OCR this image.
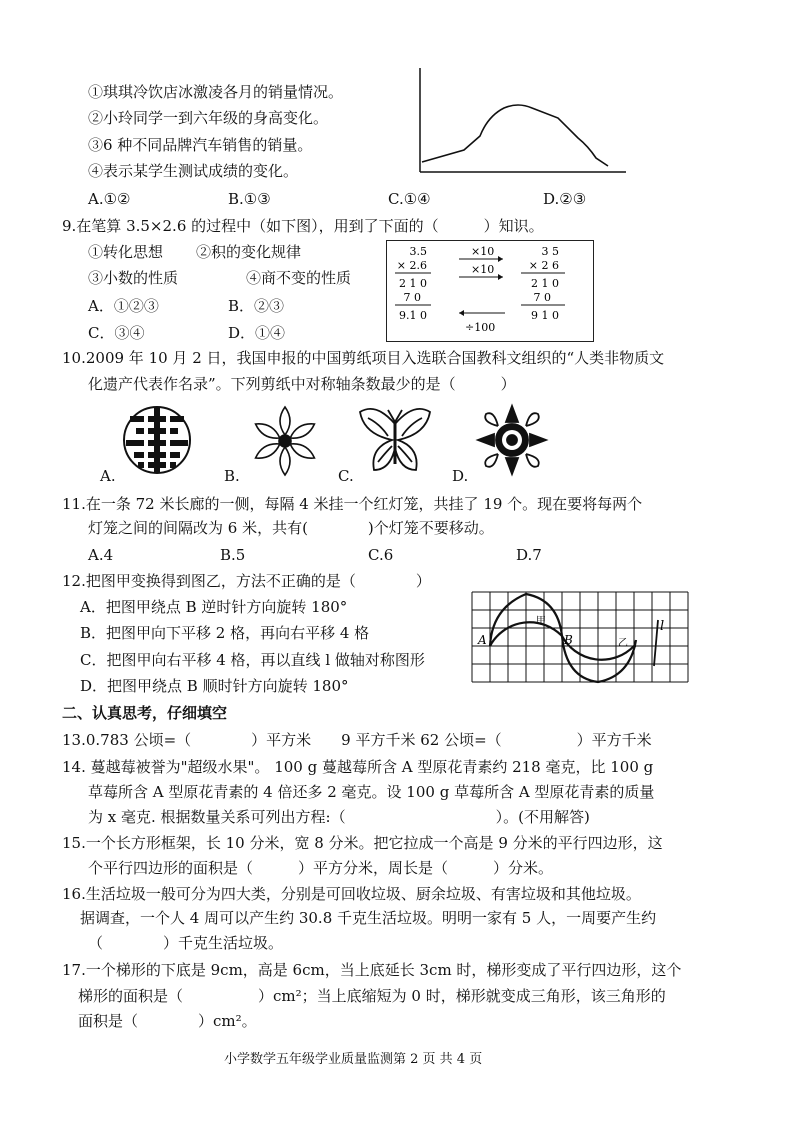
①琪琪冷饮店冰激凌各月的销量情况。
②小玲同学一到六年级的身高变化。
③6 种不同品牌汽车销售的销量。
④表示某学生测试成绩的变化。
A.①②	B.①③	C.①④	D.②③
9.在笔算 3.5×2.6 的过程中（如下图），用到了下面的（　　　）知识。
①转化思想 ②积的变化规律
③小数的性质	④商不变的性质
A．①②③	B．②③
C．③④	D．①④
3.5
× 2.6
2 1 0
7 0
9.1 0
×10
×10
÷100
3 5
× 2 6
2 1 0
7 0
9 1 0
10.2009 年 10 月 2 日，我国申报的中国剪纸项目入选联合国教科文组织的“人类非物质文
化遗产代表作名录”。下列剪纸中对称轴条数最少的是（　　　）
A.	B.	C.	D.
11.在一条 72 米长廊的一侧，每隔 4 米挂一个红灯笼，共挂了 19 个。现在要将每两个
灯笼之间的间隔改为 6 米，共有(　　　　)个灯笼不要移动。
A.4	B.5	C.6	D.7
12.把图甲变换得到图乙，方法不正确的是（　　　　）
A．把图甲绕点 B 逆时针方向旋转 180°
B．把图甲向下平移 2 格，再向右平移 4 格
C．把图甲向右平移 4 格，再以直线 l 做轴对称图形
D．把图甲绕点 B 顺时针方向旋转 180°
A
甲
B	乙
l
二、认真思考，仔细填空
13.0.783 公顷=（　　　　）平方米　　9 平方千米 62 公顷=（　　　　　）平方千米
14. 蔓越莓被誉为"超级水果"。 100 g 蔓越莓所含 A 型原花青素约 218 毫克，比 100 g
草莓所含 A 型原花青素的 4 倍还多 2 毫克。设 100 g 草莓所含 A 型原花青素的质量
为 x 毫克. 根据数量关系可列出方程:（　　　　　　　　　　）。(不用解答)
15.一个长方形框架，长 10 分米，宽 8 分米。把它拉成一个高是 9 分米的平行四边形，这
个平行四边形的面积是（　　　）平方分米，周长是（　　　）分米。
16.生活垃圾一般可分为四大类，分别是可回收垃圾、厨余垃圾、有害垃圾和其他垃圾。
据调查，一个人 4 周可以产生约 30.8 千克生活垃圾。明明一家有 5 人，一周要产生约
（　　　　）千克生活垃圾。
17.一个梯形的下底是 9cm，高是 6cm，当上底延长 3cm 时，梯形变成了平行四边形，这个
梯形的面积是（　　　　　）cm²；当上底缩短为 0 时，梯形就变成三角形，该三角形的
面积是（　　　　）cm²。
小学数学五年级学业质量监测第 2 页 共 4 页
